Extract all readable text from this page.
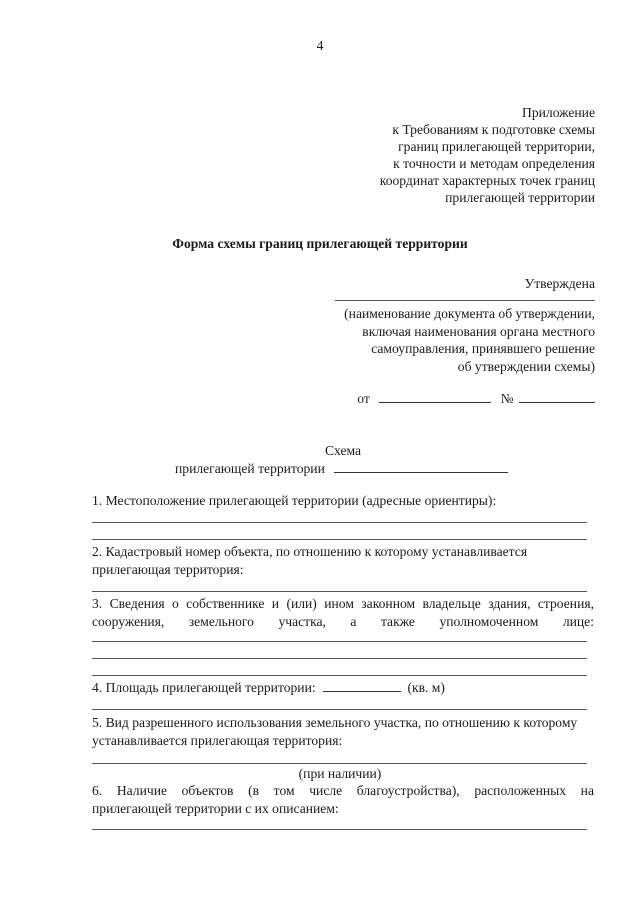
4
Приложение
к Требованиям к подготовке схемы
границ прилегающей территории,
к точности и методам определения
координат характерных точек границ
прилегающей территории
Форма схемы границ прилегающей территории
Утверждена
(наименование документа об утверждении,
включая наименования органа местного
самоуправления, принявшего решение
об утверждении схемы)
от	№
Схема
прилегающей территории
1. Местоположение прилегающей территории (адресные ориентиры):
2. Кадастровый номер объекта, по отношению к которому устанавливается
прилегающая территория:
3. Сведения о собственнике и (или) ином законном владельце здания, строения,
сооружения, земельного участка, а также уполномоченном лице:
4. Площадь прилегающей территории:	(кв. м)
5. Вид разрешенного использования земельного участка, по отношению к которому
устанавливается прилегающая территория:
(при наличии)
6. Наличие объектов (в том числе благоустройства), расположенных на
прилегающей территории с их описанием:
